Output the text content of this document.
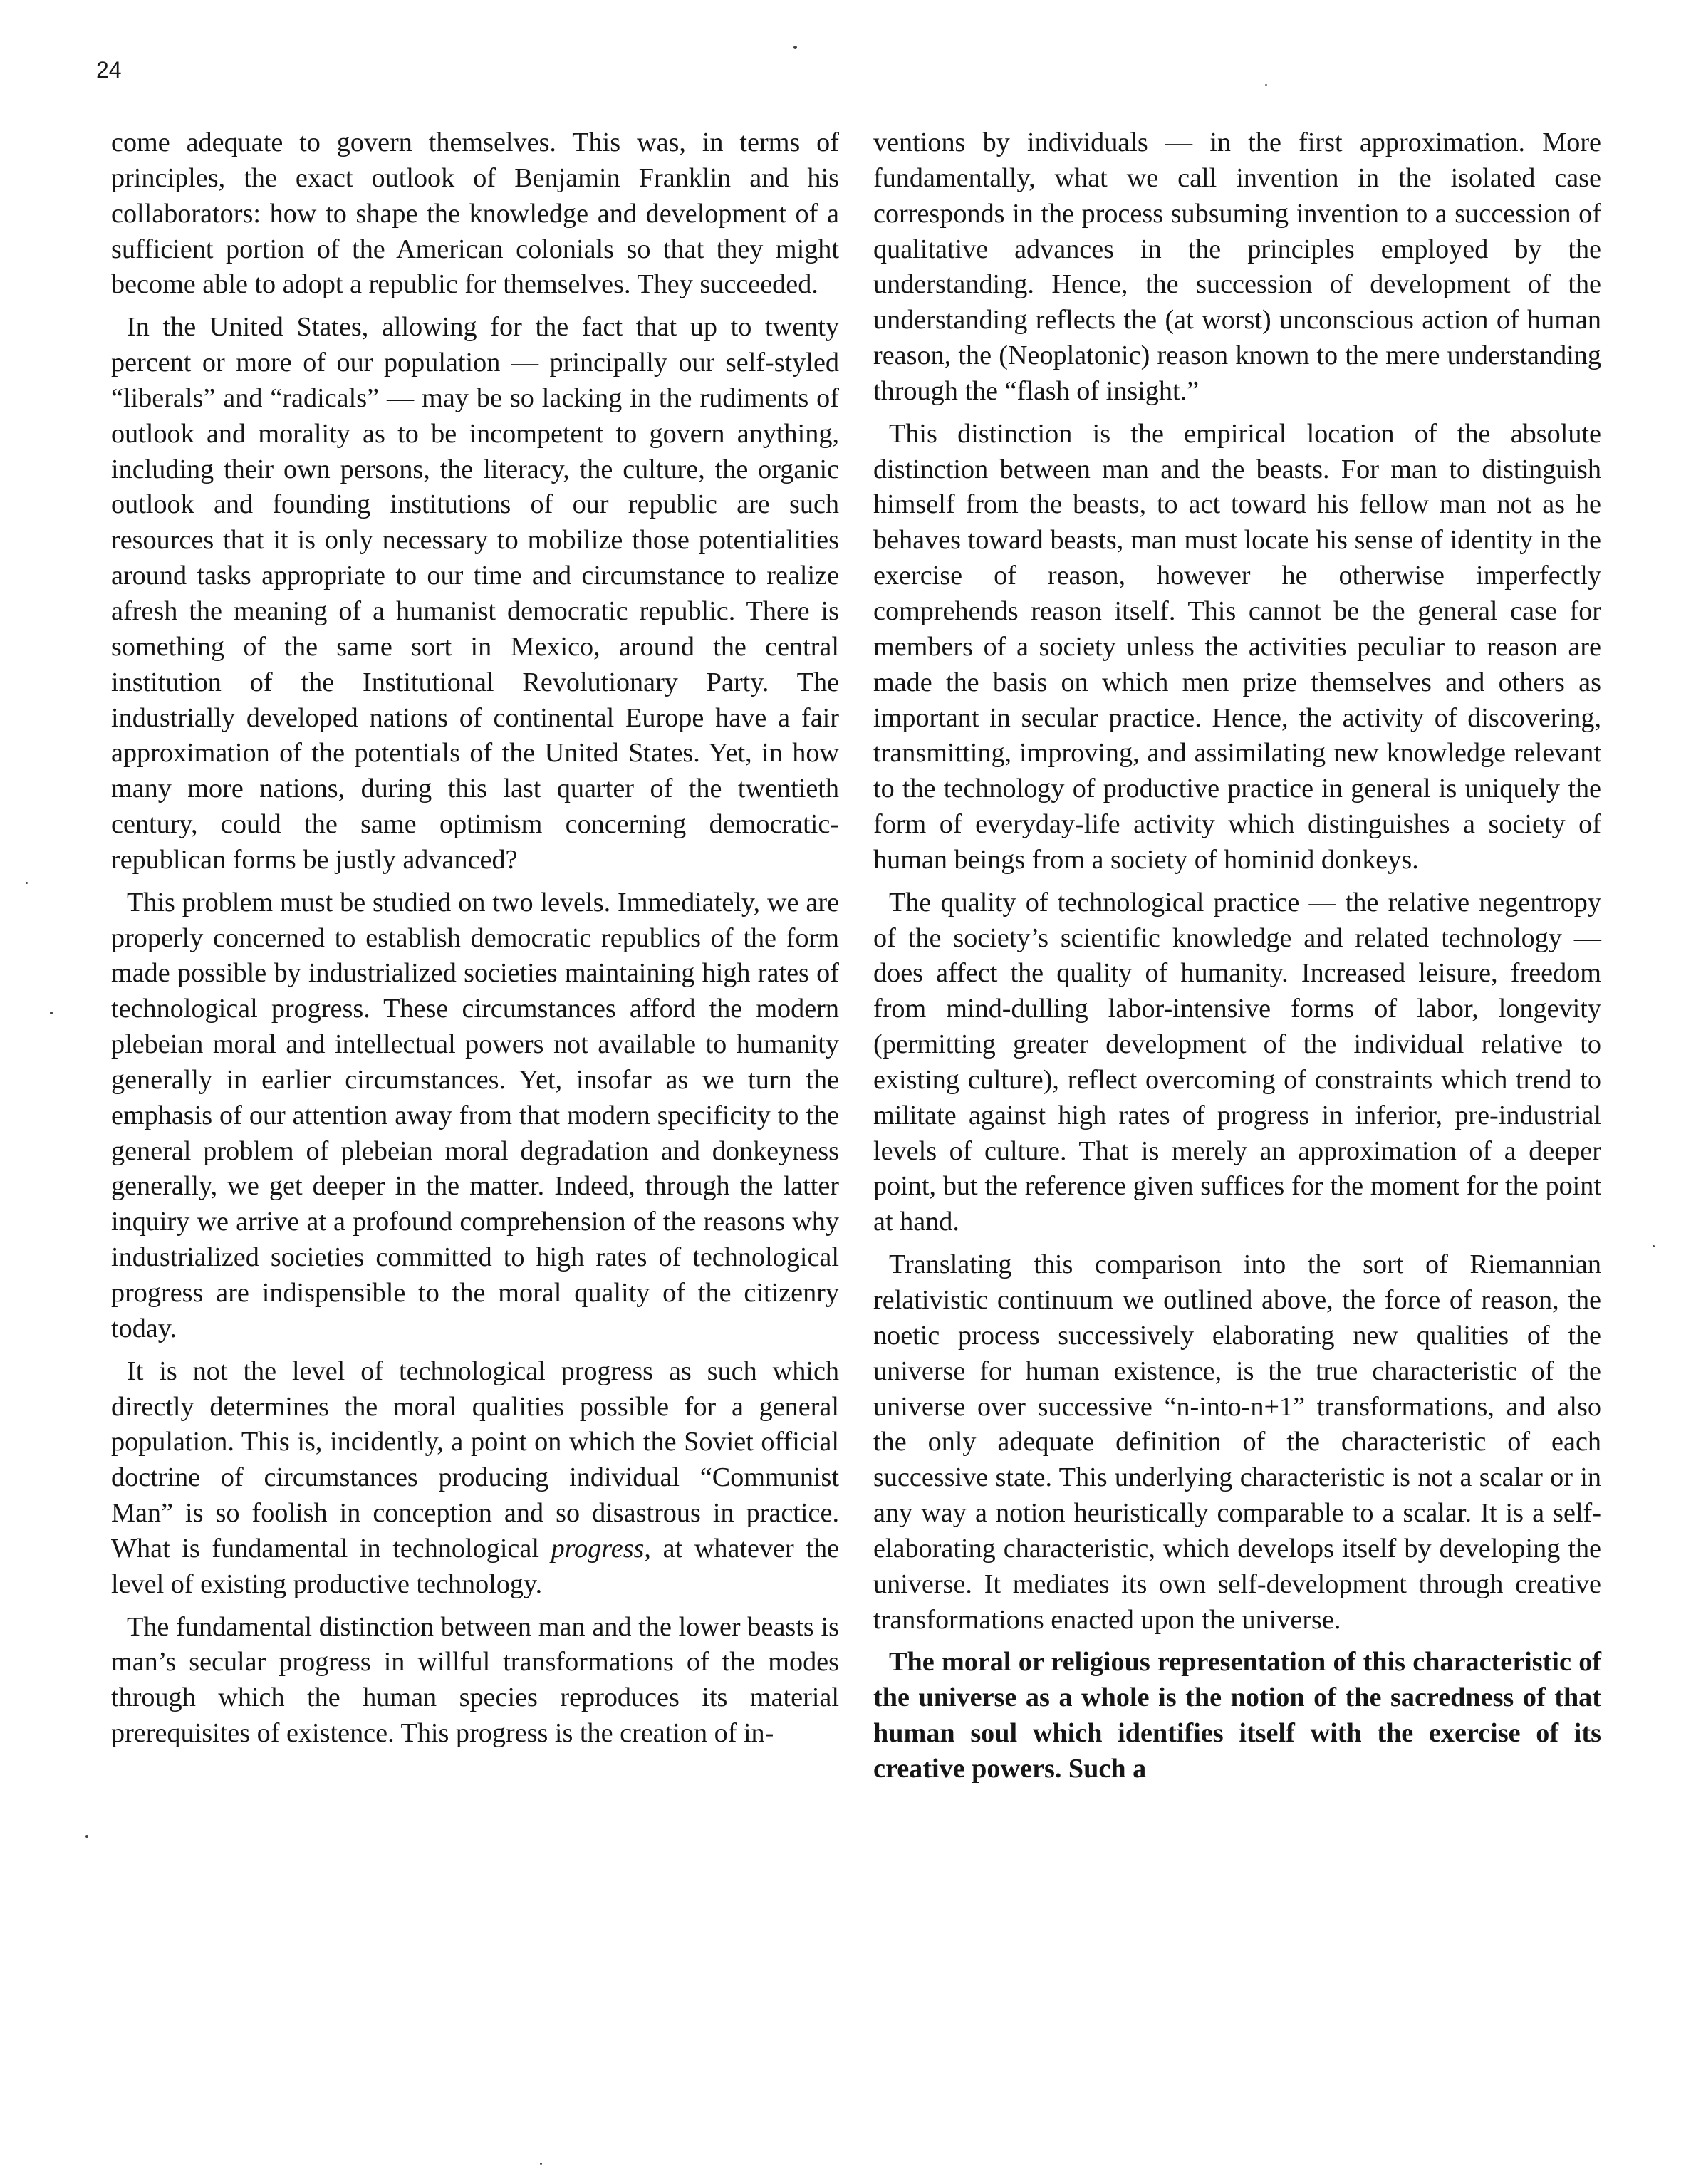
24

come adequate to govern themselves. This was, in terms of principles, the exact outlook of Benjamin Franklin and his collaborators: how to shape the knowledge and development of a sufficient portion of the American colonials so that they might become able to adopt a republic for themselves. They succeeded.

In the United States, allowing for the fact that up to twenty percent or more of our population — principally our self-styled “liberals” and “radicals” — may be so lacking in the rudiments of outlook and morality as to be incompetent to govern anything, including their own persons, the literacy, the culture, the organic outlook and founding institutions of our republic are such resources that it is only necessary to mobilize those potentialities around tasks appropriate to our time and circumstance to realize afresh the meaning of a humanist democratic republic. There is something of the same sort in Mexico, around the central institution of the Institutional Revolutionary Party. The industrially developed nations of continental Europe have a fair approximation of the potentials of the United States. Yet, in how many more nations, during this last quarter of the twentieth century, could the same optimism concerning democratic-republican forms be justly advanced?

This problem must be studied on two levels. Immediately, we are properly concerned to establish democratic republics of the form made possible by industrialized societies maintaining high rates of technological progress. These circumstances afford the modern plebeian moral and intellectual powers not available to humanity generally in earlier circumstances. Yet, insofar as we turn the emphasis of our attention away from that modern specificity to the general problem of plebeian moral degradation and donkeyness generally, we get deeper in the matter. Indeed, through the latter inquiry we arrive at a profound comprehension of the reasons why industrialized societies committed to high rates of technological progress are indispensible to the moral quality of the citizenry today.

It is not the level of technological progress as such which directly determines the moral qualities possible for a general population. This is, incidently, a point on which the Soviet official doctrine of circumstances producing individual “Communist Man” is so foolish in conception and so disastrous in practice. What is fundamental in technological progress, at whatever the level of existing productive technology.

The fundamental distinction between man and the lower beasts is man’s secular progress in willful transformations of the modes through which the human species reproduces its material prerequisites of existence. This progress is the creation of in-

ventions by individuals — in the first approximation. More fundamentally, what we call invention in the isolated case corresponds in the process subsuming invention to a succession of qualitative advances in the principles employed by the understanding. Hence, the succession of development of the understanding reflects the (at worst) unconscious action of human reason, the (Neoplatonic) reason known to the mere understanding through the “flash of insight.”

This distinction is the empirical location of the absolute distinction between man and the beasts. For man to distinguish himself from the beasts, to act toward his fellow man not as he behaves toward beasts, man must locate his sense of identity in the exercise of reason, however he otherwise imperfectly comprehends reason itself. This cannot be the general case for members of a society unless the activities peculiar to reason are made the basis on which men prize themselves and others as important in secular practice. Hence, the activity of discovering, transmitting, improving, and assimilating new knowledge relevant to the technology of productive practice in general is uniquely the form of everyday-life activity which distinguishes a society of human beings from a society of hominid donkeys.

The quality of technological practice — the relative negentropy of the society’s scientific knowledge and related technology — does affect the quality of humanity. Increased leisure, freedom from mind-dulling labor-intensive forms of labor, longevity (permitting greater development of the individual relative to existing culture), reflect overcoming of constraints which trend to militate against high rates of progress in inferior, pre-industrial levels of culture. That is merely an approximation of a deeper point, but the reference given suffices for the moment for the point at hand.

Translating this comparison into the sort of Riemannian relativistic continuum we outlined above, the force of reason, the noetic process successively elaborating new qualities of the universe for human existence, is the true characteristic of the universe over successive “n-into-n+1” transformations, and also the only adequate definition of the characteristic of each successive state. This underlying characteristic is not a scalar or in any way a notion heuristically comparable to a scalar. It is a self-elaborating characteristic, which develops itself by developing the universe. It mediates its own self-development through creative transformations enacted upon the universe.

The moral or religious representation of this characteristic of the universe as a whole is the notion of the sacredness of that human soul which identifies itself with the exercise of its creative powers. Such a
